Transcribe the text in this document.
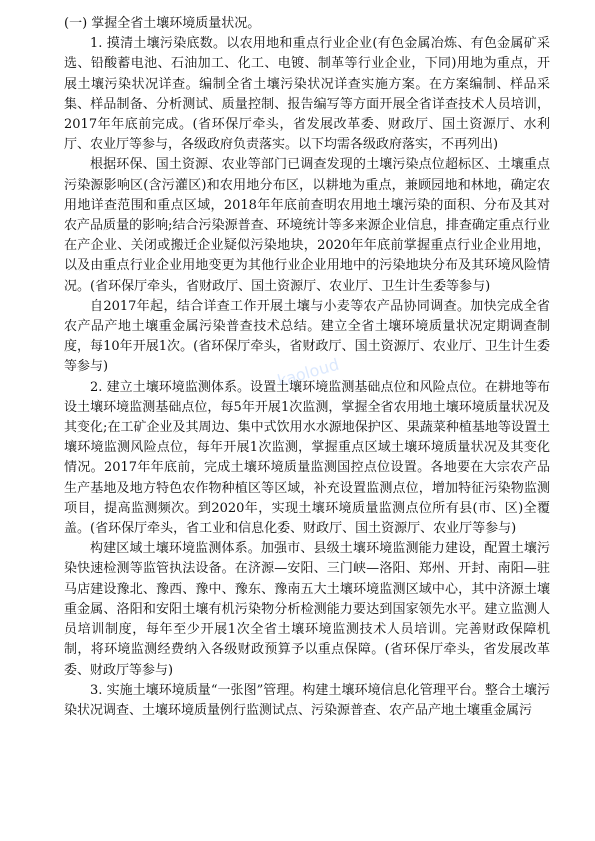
(一) 掌握全省土壤环境质量状况。

1. 摸清土壤污染底数。以农用地和重点行业企业(有色金属冶炼、有色金属矿采选、铅酸蓄电池、石油加工、化工、电镀、制革等行业企业，下同)用地为重点，开展土壤污染状况详查。编制全省土壤污染状况详查实施方案。在方案编制、样品采集、样品制备、分析测试、质量控制、报告编写等方面开展全省详查技术人员培训，2017年年底前完成。(省环保厅牵头，省发展改革委、财政厅、国土资源厅、水利厅、农业厅等参与，各级政府负责落实。以下均需各级政府落实，不再列出)

根据环保、国土资源、农业等部门已调查发现的土壤污染点位超标区、土壤重点污染源影响区(含污灌区)和农用地分布区，以耕地为重点，兼顾园地和林地，确定农用地详查范围和重点区域，2018年年底前查明农用地土壤污染的面积、分布及其对农产品质量的影响;结合污染源普查、环境统计等多来源企业信息，排查确定重点行业在产企业、关闭或搬迁企业疑似污染地块，2020年年底前掌握重点行业企业用地，以及由重点行业企业用地变更为其他行业企业用地中的污染地块分布及其环境风险情况。(省环保厅牵头，省财政厅、国土资源厅、农业厅、卫生计生委等参与)

自2017年起，结合详查工作开展土壤与小麦等农产品协同调查。加快完成全省农产品产地土壤重金属污染普查技术总结。建立全省土壤环境质量状况定期调查制度，每10年开展1次。(省环保厅牵头，省财政厅、国土资源厅、农业厅、卫生计生委等参与)

2. 建立土壤环境监测体系。设置土壤环境监测基础点位和风险点位。在耕地等布设土壤环境监测基础点位，每5年开展1次监测，掌握全省农用地土壤环境质量状况及其变化;在工矿企业及其周边、集中式饮用水水源地保护区、果蔬菜种植基地等设置土壤环境监测风险点位，每年开展1次监测，掌握重点区域土壤环境质量状况及其变化情况。2017年年底前，完成土壤环境质量监测国控点位设置。各地要在大宗农产品生产基地及地方特色农作物种植区等区域，补充设置监测点位，增加特征污染物监测项目，提高监测频次。到2020年，实现土壤环境质量监测点位所有县(市、区)全覆盖。(省环保厅牵头，省工业和信息化委、财政厅、国土资源厅、农业厅等参与)

构建区域土壤环境监测体系。加强市、县级土壤环境监测能力建设，配置土壤污染快速检测等监管执法设备。在济源—安阳、三门峡—洛阳、郑州、开封、南阳—驻马店建设豫北、豫西、豫中、豫东、豫南五大土壤环境监测区域中心，其中济源土壤重金属、洛阳和安阳土壤有机污染物分析检测能力要达到国家领先水平。建立监测人员培训制度，每年至少开展1次全省土壤环境监测技术人员培训。完善财政保障机制，将环境监测经费纳入各级财政预算予以重点保障。(省环保厅牵头，省发展改革委、财政厅等参与)

3. 实施土壤环境质量“一张图”管理。构建土壤环境信息化管理平台。整合土壤污染状况调查、土壤环境质量例行监测试点、污染源普查、农产品产地土壤重金属污

kaoloud
